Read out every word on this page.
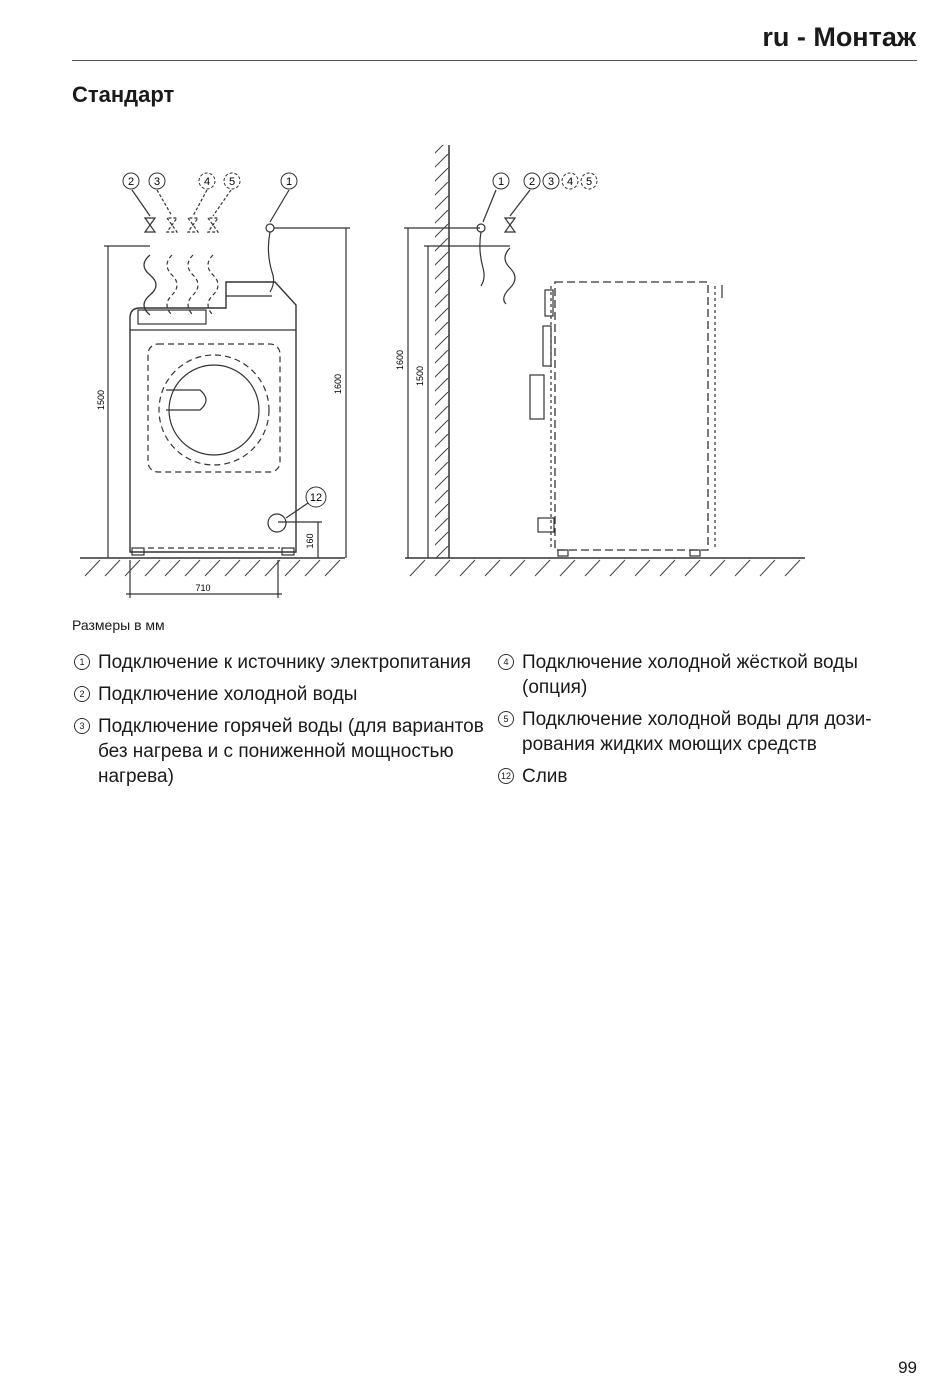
ru - Монтаж
Стандарт
2 3	4 5	1
12
1500
1600
710
160
1 2 3 4 5
1600
1500
Размеры в мм
1 Подключение к источнику электропитания
2 Подключение холодной воды
3 Подключение горячей воды (для вариантов без нагрева и с пониженной мощностью нагрева)
4 Подключение холодной жёсткой воды (опция)
5 Подключение холодной воды для дозирования жидких моющих средств
12 Слив
99
